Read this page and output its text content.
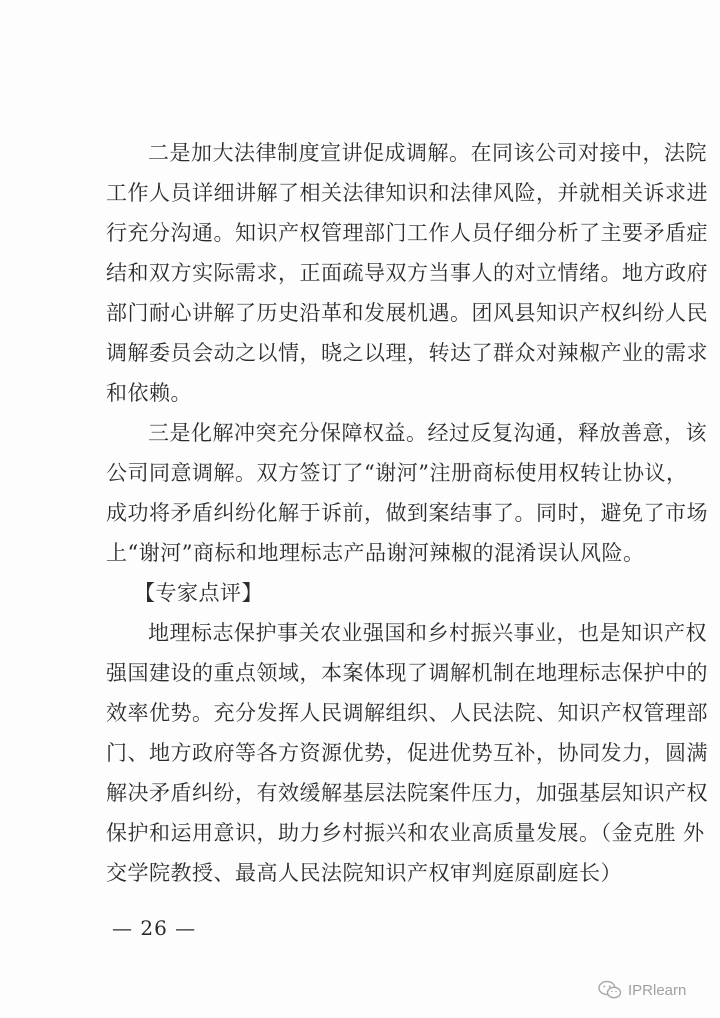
二是加大法律制度宣讲促成调解。在同该公司对接中，法院
工作人员详细讲解了相关法律知识和法律风险，并就相关诉求进
行充分沟通。知识产权管理部门工作人员仔细分析了主要矛盾症
结和双方实际需求，正面疏导双方当事人的对立情绪。地方政府
部门耐心讲解了历史沿革和发展机遇。团风县知识产权纠纷人民
调解委员会动之以情，晓之以理，转达了群众对辣椒产业的需求
和依赖。
三是化解冲突充分保障权益。经过反复沟通，释放善意，该
公司同意调解。双方签订了“谢河”注册商标使用权转让协议，
成功将矛盾纠纷化解于诉前，做到案结事了。同时，避免了市场
上“谢河”商标和地理标志产品谢河辣椒的混淆误认风险。
【专家点评】
地理标志保护事关农业强国和乡村振兴事业，也是知识产权
强国建设的重点领域，本案体现了调解机制在地理标志保护中的
效率优势。充分发挥人民调解组织、人民法院、知识产权管理部
门、地方政府等各方资源优势，促进优势互补，协同发力，圆满
解决矛盾纠纷，有效缓解基层法院案件压力，加强基层知识产权
保护和运用意识，助力乡村振兴和农业高质量发展。（金克胜 外
交学院教授、最高人民法院知识产权审判庭原副庭长）
— 26 —
IPRlearn
